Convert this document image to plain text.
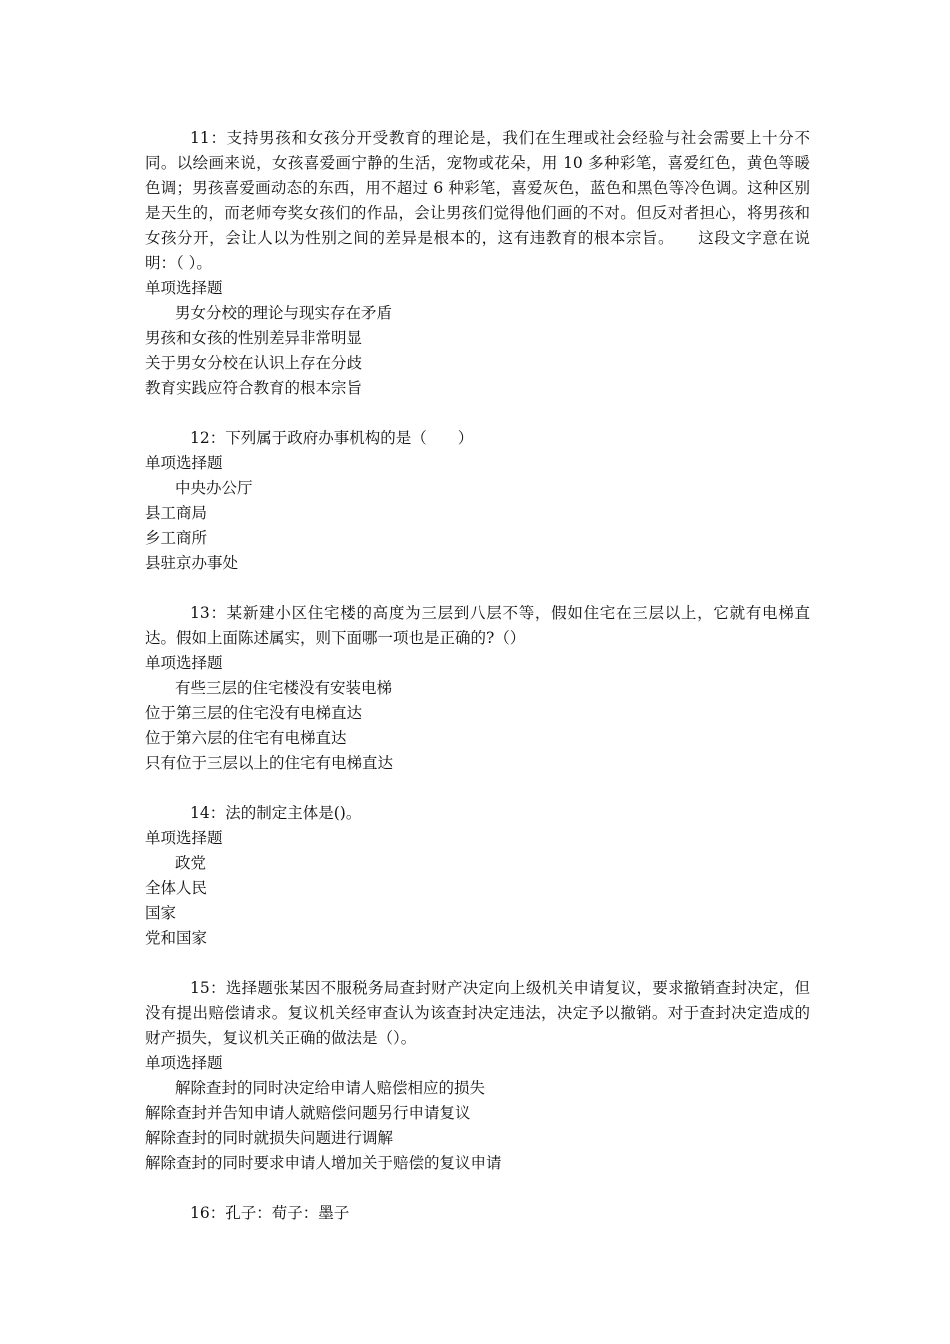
11：支持男孩和女孩分开受教育的理论是，我们在生理或社会经验与社会需要上十分不同。以绘画来说，女孩喜爱画宁静的生活，宠物或花朵，用 10 多种彩笔，喜爱红色，黄色等暖色调；男孩喜爱画动态的东西，用不超过 6 种彩笔，喜爱灰色，蓝色和黑色等冷色调。这种区别是天生的，而老师夸奖女孩们的作品，会让男孩们觉得他们画的不对。但反对者担心，将男孩和女孩分开，会让人以为性别之间的差异是根本的，这有违教育的根本宗旨。　　这段文字意在说明：（ ）。

单项选择题

男女分校的理论与现实存在矛盾

男孩和女孩的性别差异非常明显

关于男女分校在认识上存在分歧

教育实践应符合教育的根本宗旨

12：下列属于政府办事机构的是（　　）

单项选择题

中央办公厅

县工商局

乡工商所

县驻京办事处

13：某新建小区住宅楼的高度为三层到八层不等，假如住宅在三层以上，它就有电梯直达。假如上面陈述属实，则下面哪一项也是正确的?（）

单项选择题

有些三层的住宅楼没有安装电梯

位于第三层的住宅没有电梯直达

位于第六层的住宅有电梯直达

只有位于三层以上的住宅有电梯直达

14：法的制定主体是()。

单项选择题

政党

全体人民

国家

党和国家

15：选择题张某因不服税务局查封财产决定向上级机关申请复议，要求撤销查封决定，但没有提出赔偿请求。复议机关经审查认为该查封决定违法，决定予以撤销。对于查封决定造成的财产损失，复议机关正确的做法是（）。

单项选择题

解除查封的同时决定给申请人赔偿相应的损失

解除查封并告知申请人就赔偿问题另行申请复议

解除查封的同时就损失问题进行调解

解除查封的同时要求申请人增加关于赔偿的复议申请

16：孔子：荀子：墨子
